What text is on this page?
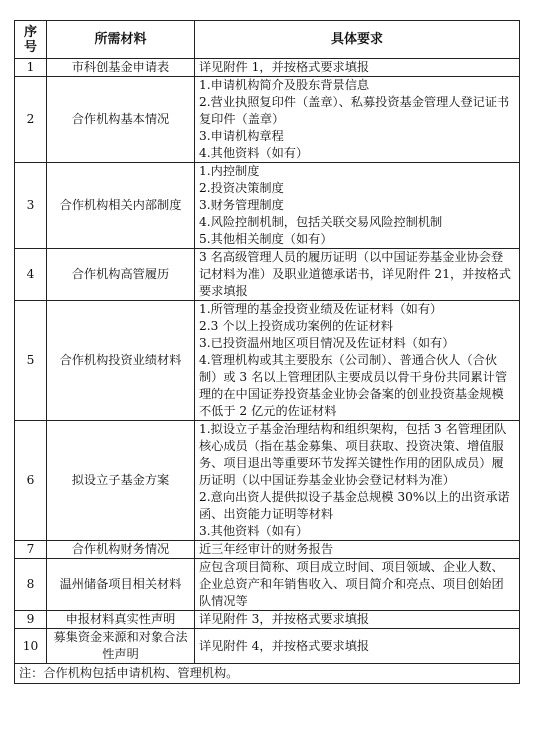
序号	所需材料	具体要求
1	市科创基金申请表	详见附件 1，并按格式要求填报

2	合作机构基本情况	1.申请机构简介及股东背景信息
2.营业执照复印件（盖章）、私募投资基金管理人登记证书复印件（盖章）
3.申请机构章程
4.其他资料（如有）

3	合作机构相关内部制度	1.内控制度
2.投资决策制度
3.财务管理制度
4.风险控制机制，包括关联交易风险控制机制
5.其他相关制度（如有）

4	合作机构高管履历	3 名高级管理人员的履历证明（以中国证券基金业协会登记材料为准）及职业道德承诺书，详见附件 21，并按格式要求填报

5	合作机构投资业绩材料	1.所管理的基金投资业绩及佐证材料（如有）
2.3 个以上投资成功案例的佐证材料
3.已投资温州地区项目情况及佐证材料（如有）
4.管理机构或其主要股东（公司制）、普通合伙人（合伙制）或 3 名以上管理团队主要成员以骨干身份共同累计管理的在中国证券投资基金业协会备案的创业投资基金规模不低于 2 亿元的佐证材料

6	拟设立子基金方案	1.拟设立子基金治理结构和组织架构，包括 3 名管理团队核心成员（指在基金募集、项目获取、投资决策、增值服务、项目退出等重要环节发挥关键性作用的团队成员）履历证明（以中国证券基金业协会登记材料为准）
2.意向出资人提供拟设子基金总规模 30%以上的出资承诺函、出资能力证明等材料
3.其他资料（如有）

7	合作机构财务情况	近三年经审计的财务报告

8	温州储备项目相关材料	应包含项目简称、项目成立时间、项目领域、企业人数、企业总资产和年销售收入、项目简介和亮点、项目创始团队情况等

9	申报材料真实性声明	详见附件 3，并按格式要求填报

10	募集资金来源和对象合法性声明	详见附件 4，并按格式要求填报

注：合作机构包括申请机构、管理机构。		
